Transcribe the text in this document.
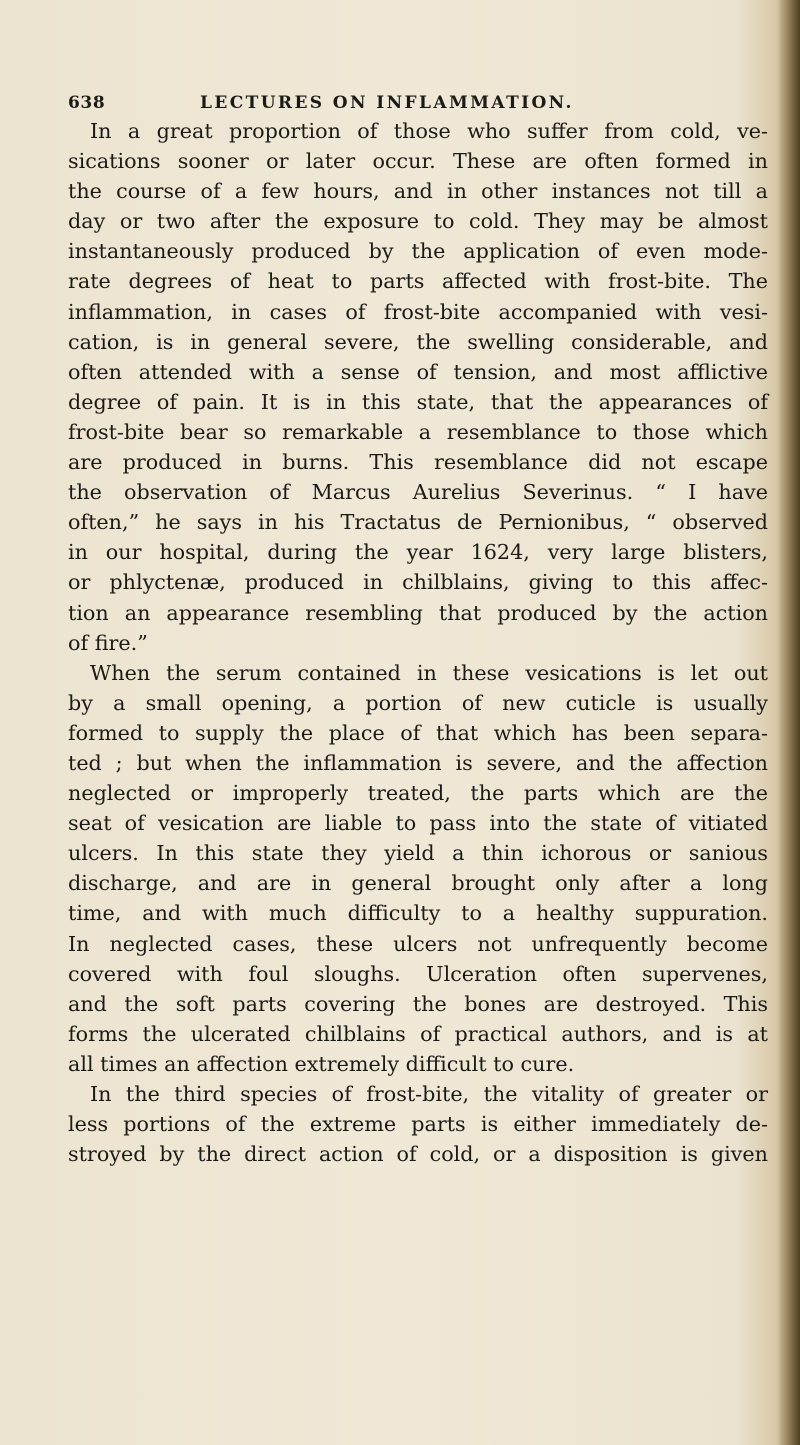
638	LECTURES ON INFLAMMATION.
In a great proportion of those who suffer from cold, ve-
sications sooner or later occur. These are often formed in
the course of a few hours, and in other instances not till a
day or two after the exposure to cold. They may be almost
instantaneously produced by the application of even mode-
rate degrees of heat to parts affected with frost-bite. The
inflammation, in cases of frost-bite accompanied with vesi-
cation, is in general severe, the swelling considerable, and
often attended with a sense of tension, and most afflictive
degree of pain. It is in this state, that the appearances of
frost-bite bear so remarkable a resemblance to those which
are produced in burns. This resemblance did not escape
the observation of Marcus Aurelius Severinus. “ I have
often,” he says in his Tractatus de Pernionibus, “ observed
in our hospital, during the year 1624, very large blisters,
or phlyctenæ, produced in chilblains, giving to this affec-
tion an appearance resembling that produced by the action
of fire.”
When the serum contained in these vesications is let out
by a small opening, a portion of new cuticle is usually
formed to supply the place of that which has been separa-
ted ; but when the inflammation is severe, and the affection
neglected or improperly treated, the parts which are the
seat of vesication are liable to pass into the state of vitiated
ulcers. In this state they yield a thin ichorous or sanious
discharge, and are in general brought only after a long
time, and with much difficulty to a healthy suppuration.
In neglected cases, these ulcers not unfrequently become
covered with foul sloughs. Ulceration often supervenes,
and the soft parts covering the bones are destroyed. This
forms the ulcerated chilblains of practical authors, and is at
all times an affection extremely difficult to cure.
In the third species of frost-bite, the vitality of greater or
less portions of the extreme parts is either immediately de-
stroyed by the direct action of cold, or a disposition is given
